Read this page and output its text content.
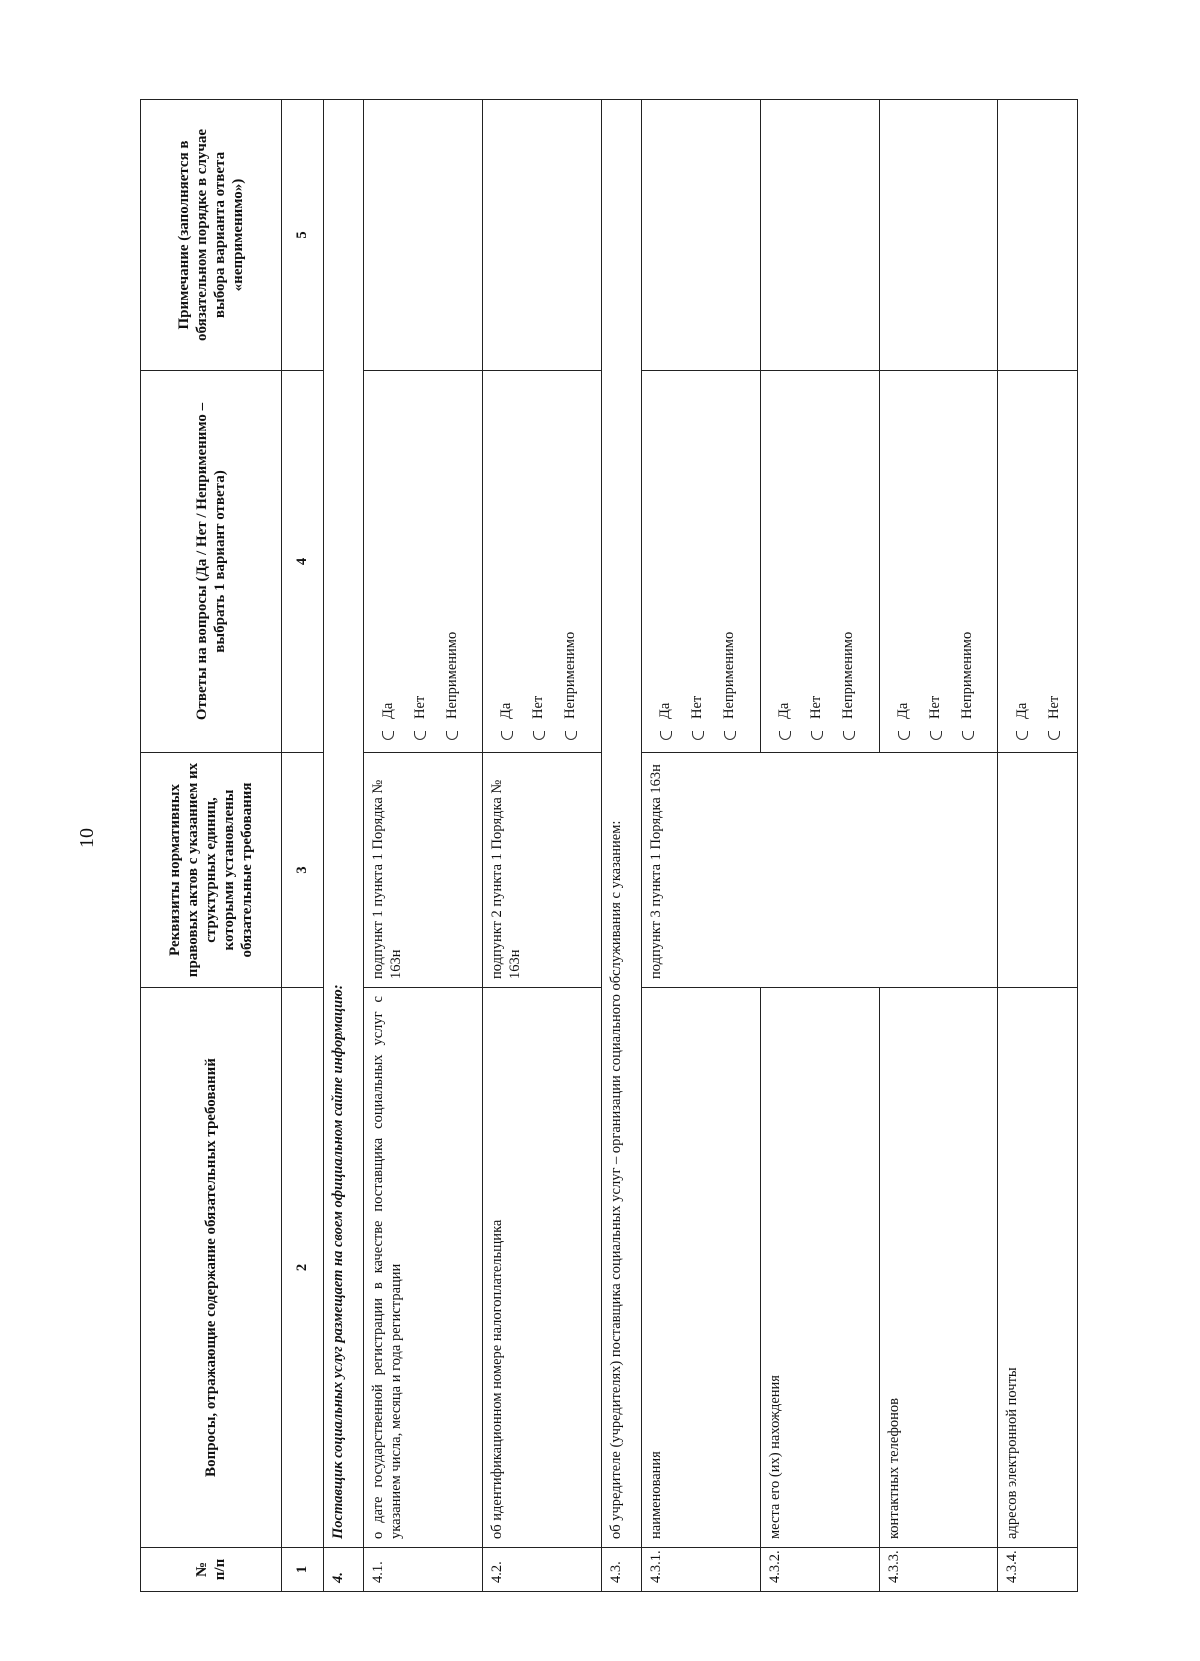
10
№ п/п	Вопросы, отражающие содержание обязательных требований	Реквизиты нормативных правовых актов с указанием их структурных единиц, которыми установлены обязательные требования	Ответы на вопросы (Да / Нет / Неприменимо – выбрать 1 вариант ответа)	Примечание (заполняется в обязательном порядке в случае выбора варианта ответа «неприменимо»)
1	2	3	4	5
4.	Поставщик социальных услуг размещает на своем официальном сайте информацию:			
4.1.	о дате государственной регистрации в качестве поставщика социальных услуг с указанием числа, месяца и года регистрации	подпункт 1 пункта 1 Порядка № 163н	Да Нет Неприменимо	

4.2.	об идентификационном номере налогоплательщика	подпункт 2 пункта 1 Порядка № 163н	Да Нет Неприменимо	

4.3.	об учредителе (учредителях) поставщика социальных услуг – организации социального обслуживания с указанием:			
4.3.1.	наименования	подпункт 3 пункта 1 Порядка 163н	Да Нет Неприменимо	

4.3.2.	места его (их) нахождения		Да Нет Неприменимо	

4.3.3.	контактных телефонов		Да Нет Неприменимо	

4.3.4.	адресов электронной почты		Да Нет	
